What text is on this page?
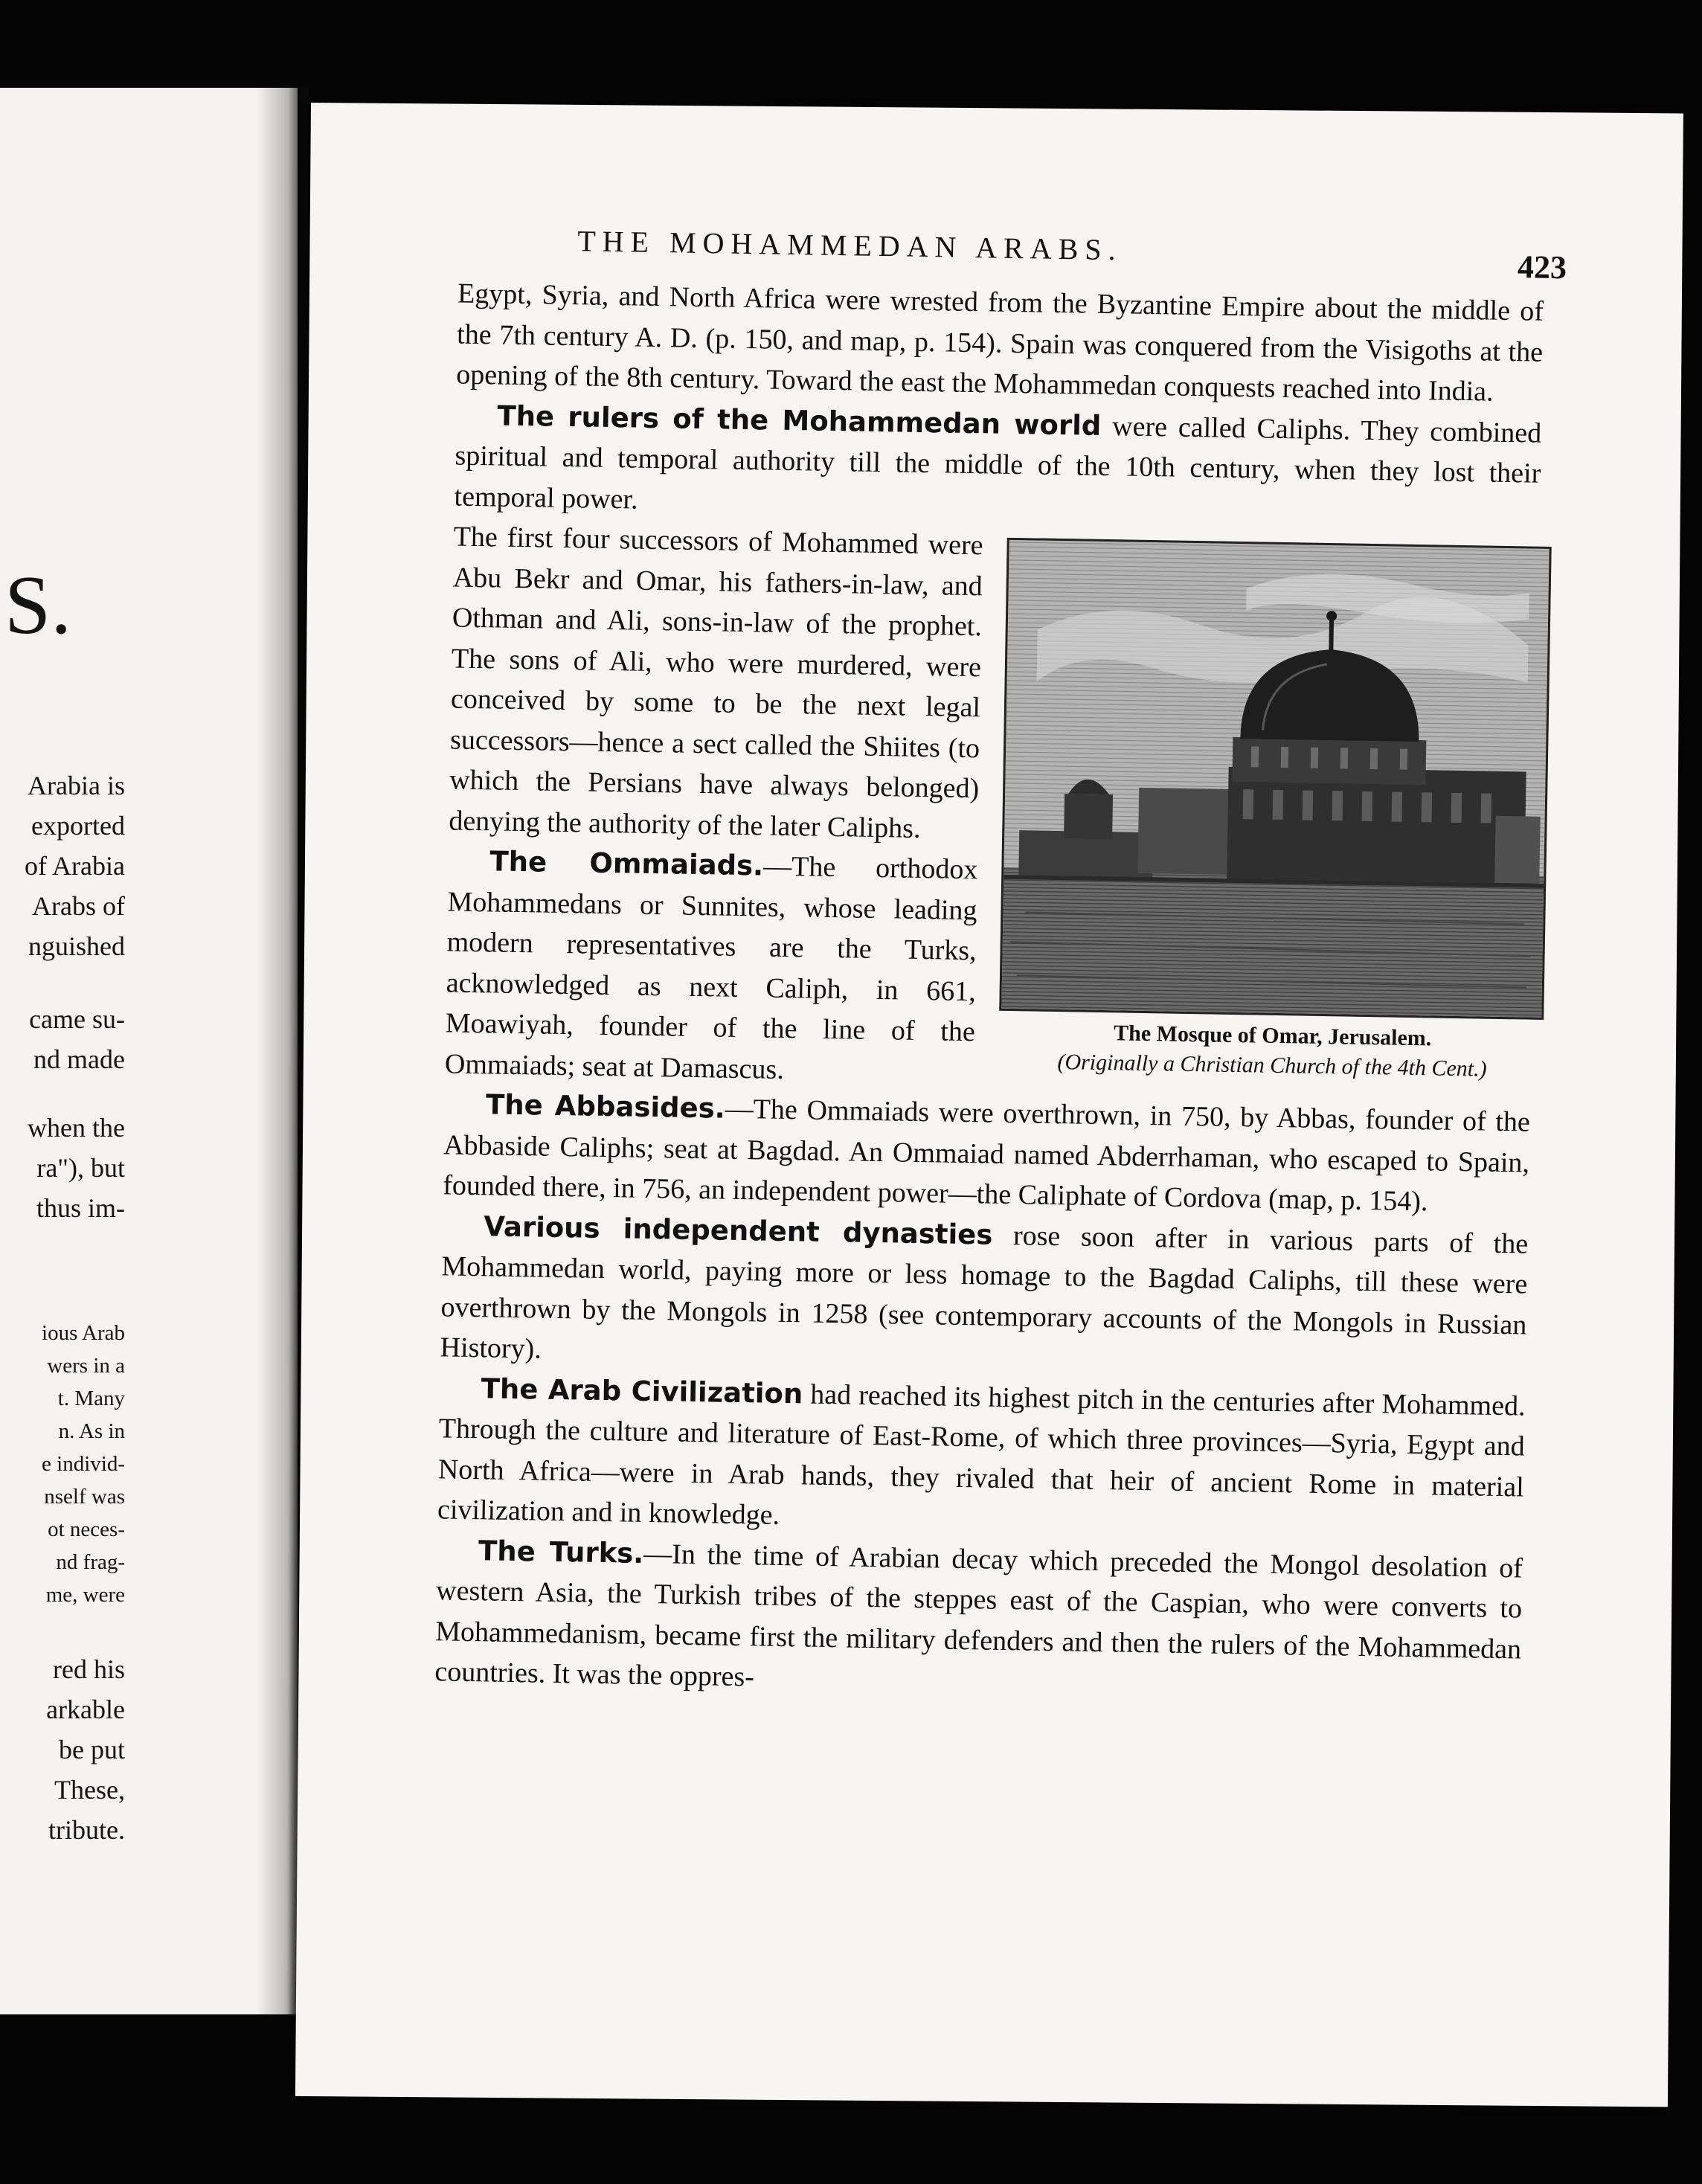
S.
Arabia is
exported
of Arabia
Arabs of
nguished
came su-
nd made
when the
ra"), but
thus im-
ious Arab
wers in a
t. Many
n. As in
e individ-
nself was
ot neces-
nd frag-
me, were
red his
arkable
be put
These,
tribute.
THE MOHAMMEDAN ARABS.
423

Egypt, Syria, and North Africa were wrested from the Byzantine Empire about the middle of the 7th century A. D. (p. 150, and map, p. 154). Spain was conquered from the Visigoths at the opening of the 8th century. Toward the east the Mohammedan conquests reached into India.

The rulers of the Mohammedan world were called Caliphs. They combined spiritual and temporal authority till the middle of the 10th century, when they lost their temporal power.

The Mosque of Omar, Jerusalem.
(Originally a Christian Church of the 4th Cent.)

The first four successors of Mohammed were Abu Bekr and Omar, his fathers-in-law, and Othman and Ali, sons-in-law of the prophet. The sons of Ali, who were murdered, were conceived by some to be the next legal successors—hence a sect called the Shiites (to which the Persians have always belonged) denying the authority of the later Caliphs.

The Ommaiads.—The orthodox Mohammedans or Sunnites, whose leading modern representatives are the Turks, acknowledged as next Caliph, in 661, Moawiyah, founder of the line of the Ommaiads; seat at Damascus.

The Abbasides.—The Ommaiads were overthrown, in 750, by Abbas, founder of the Abbaside Caliphs; seat at Bagdad. An Ommaiad named Abderrhaman, who escaped to Spain, founded there, in 756, an independent power—the Caliphate of Cordova (map, p. 154).

Various independent dynasties rose soon after in various parts of the Mohammedan world, paying more or less homage to the Bagdad Caliphs, till these were overthrown by the Mongols in 1258 (see contemporary accounts of the Mongols in Russian History).

The Arab Civilization had reached its highest pitch in the centuries after Mohammed. Through the culture and literature of East-Rome, of which three provinces—Syria, Egypt and North Africa—were in Arab hands, they rivaled that heir of ancient Rome in material civilization and in knowledge.

The Turks.—In the time of Arabian decay which preceded the Mongol desolation of western Asia, the Turkish tribes of the steppes east of the Caspian, who were converts to Mohammedanism, became first the military defenders and then the rulers of the Mohammedan countries. It was the oppres-
